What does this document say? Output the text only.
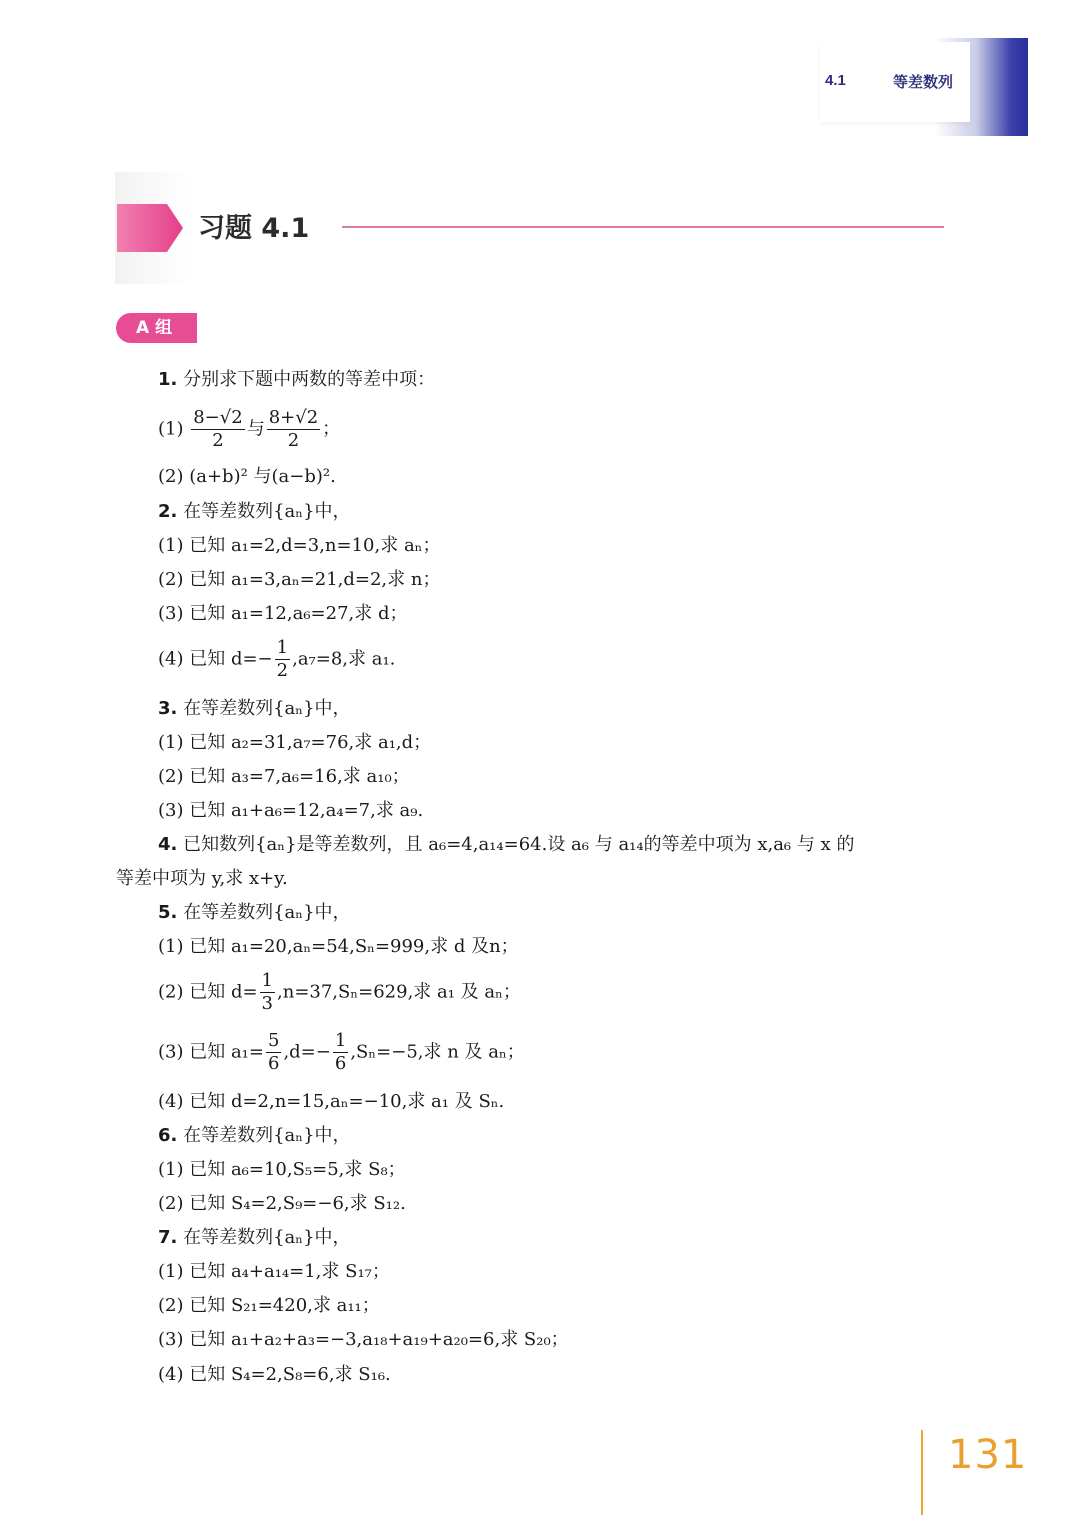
4.1	等差数列
习题 4.1
A 组
1. 分别求下题中两数的等差中项：
$(1) \frac{8-√2}{2}$ 与 $\frac{8+√2}{2}$ ；
(2) (a+b)² 与(a−b)².
2. 在等差数列{aₙ}中，
(1) 已知 a₁=2,d=3,n=10,求 aₙ；
(2) 已知 a₁=3,aₙ=21,d=2,求 n；
(3) 已知 a₁=12,a₆=27,求 d；
(4) 已知 $d=- \frac{1}{2} ,a_7=8$,求 a₁.
3. 在等差数列{aₙ}中，
(1) 已知 a₂=31,a₇=76,求 a₁,d；
(2) 已知 a₃=7,a₆=16,求 a₁₀；
(3) 已知 a₁+a₆=12,a₄=7,求 a₉.
4. 已知数列{aₙ}是等差数列，且 a₆=4,a₁₄=64.设 a₆ 与 a₁₄的等差中项为 x,a₆ 与 x 的
等差中项为 y,求 x+y.
5. 在等差数列{aₙ}中，
(1) 已知 a₁=20,aₙ=54,Sₙ=999,求 d 及n；
(2) 已知 $d= \frac{1}{3} ,n=37,S_n=629$,求 a₁ 及 aₙ；
(3) 已知 $a_1= \frac{5}{6} ,d=- \frac{1}{6} ,S_n=-5$,求 n 及 aₙ；
(4) 已知 d=2,n=15,aₙ=−10,求 a₁ 及 Sₙ.
6. 在等差数列{aₙ}中，
(1) 已知 a₆=10,S₅=5,求 S₈；
(2) 已知 S₄=2,S₉=−6,求 S₁₂.
7. 在等差数列{aₙ}中，
(1) 已知 a₄+a₁₄=1,求 S₁₇；
(2) 已知 S₂₁=420,求 a₁₁；
(3) 已知 a₁+a₂+a₃=−3,a₁₈+a₁₉+a₂₀=6,求 S₂₀；
(4) 已知 S₄=2,S₈=6,求 S₁₆.
131
